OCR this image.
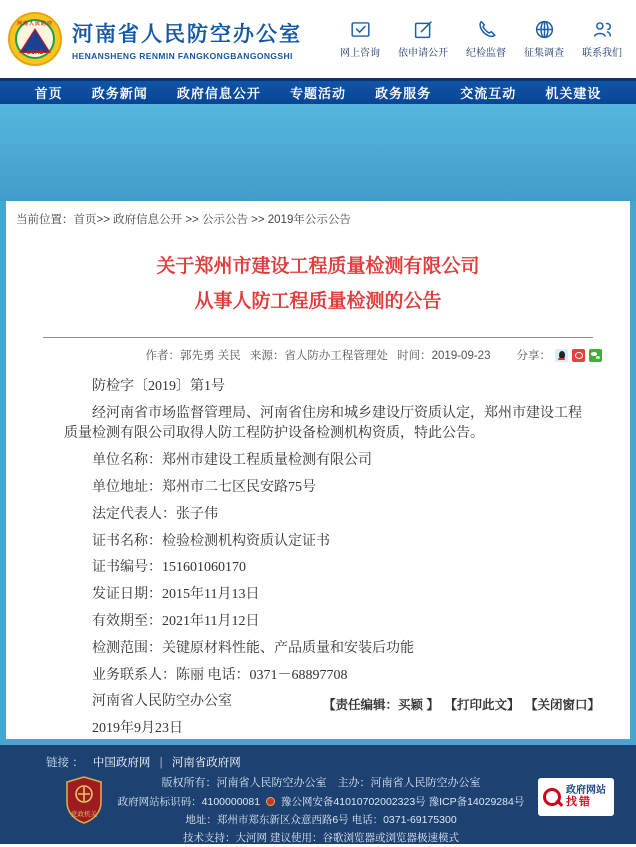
河南人民防空
CCAD
河南省人民防空办公室
HENANSHENG RENMIN FANGKONGBANGONGSHI	网上咨询 依申请公开 纪检监督 征集调查 联系我们
首页 政务新闻 政府信息公开 专题活动 政务服务 交流互动 机关建设
当前位置：首页>> 政府信息公开 >> 公示公告 >> 2019年公示公告
关于郑州市建设工程质量检测有限公司
从事人防工程质量检测的公告
作者：郭先勇 关民 来源：省人防办工程管理处 时间：2019-09-23 分享：

防检字〔2019〕第1号

经河南省市场监督管理局、河南省住房和城乡建设厅资质认定，郑州市建设工程质量检测有限公司取得人防工程防护设备检测机构资质，特此公告。

单位名称：郑州市建设工程质量检测有限公司

单位地址：郑州市二七区民安路75号

法定代表人：张子伟

证书名称：检验检测机构资质认定证书

证书编号：151601060170

发证日期：2015年11月13日

有效期至：2021年11月12日

检测范围：关键原材料性能、产品质量和安装后功能

业务联系人：陈丽 电话：0371－68897708

河南省人民防空办公室

2019年9月23日

【责任编辑：买颖 】 【打印此文】 【关闭窗口】
链接 ： 中国政府网 | 河南省政府网
党政机关
版权所有：河南省人民防空办公室　主办：河南省人民防空办公室
政府网站标识码：4100000081 豫公网安备41010702002323号 豫ICP备14029284号
地址：郑州市郑东新区众意西路6号 电话：0371-69175300
技术支持：大河网 建议使用：谷歌浏览器或浏览器极速模式
政府网站
找错
